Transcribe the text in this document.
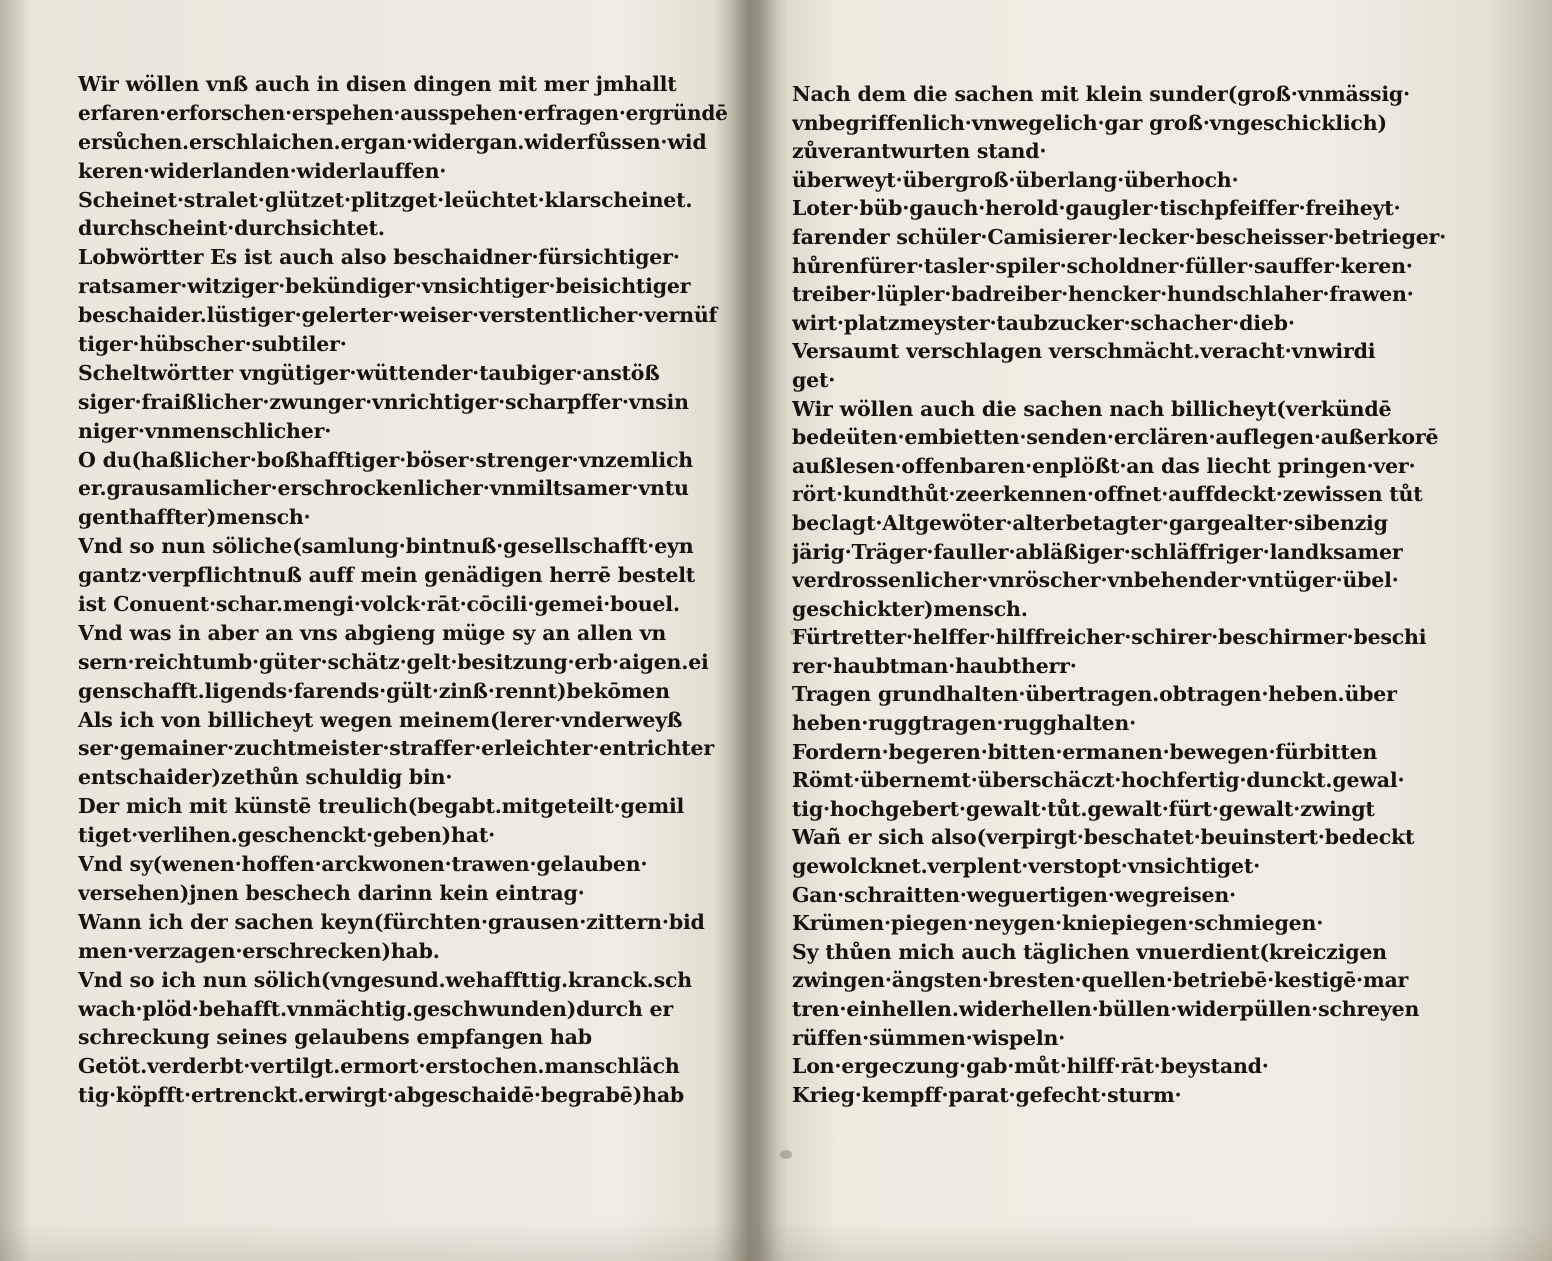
Wir wöllen vnß auch in disen dingen mit mer jmhallt
erfaren·erforschen·erspehen·ausspehen·erfragen·ergründē
ersůchen.erschlaichen.ergan·widergan.widerfůssen·wid
keren·widerlanden·widerlauffen·
Scheinet·stralet·glützet·plitzget·leüchtet·klarscheinet.
durchscheint·durchsichtet.
Lobwörtter Es ist auch also beschaidner·fürsichtiger·
ratsamer·witziger·bekündiger·vnsichtiger·beisichtiger
beschaider.lüstiger·gelerter·weiser·verstentlicher·vernüf
tiger·hübscher·subtiler·
Scheltwörtter vngütiger·wüttender·taubiger·anstöß
siger·fraißlicher·zwunger·vnrichtiger·scharpffer·vnsin
niger·vnmenschlicher·
O du(haßlicher·boßhafftiger·böser·strenger·vnzemlich
er.grausamlicher·erschrockenlicher·vnmiltsamer·vntu
genthaffter)mensch·
Vnd so nun söliche(samlung·bintnuß·gesellschafft·eyn
gantz·verpflichtnuß auff mein genädigen herrē bestelt
ist Conuent·schar.mengi·volck·rāt·cōcili·gemei·bouel.
Vnd was in aber an vns abgieng müge sy an allen vn
sern·reichtumb·güter·schätz·gelt·besitzung·erb·aigen.ei
genschafft.ligends·farends·gült·zinß·rennt)bekōmen
Als ich von billicheyt wegen meinem(lerer·vnderweyß
ser·gemainer·zuchtmeister·straffer·erleichter·entrichter
entschaider)zethůn schuldig bin·
Der mich mit künstē treulich(begabt.mitgeteilt·gemil
tiget·verlihen.geschenckt·geben)hat·
Vnd sy(wenen·hoffen·arckwonen·trawen·gelauben·
versehen)jnen beschech darinn kein eintrag·
Wann ich der sachen keyn(fürchten·grausen·zittern·bid
men·verzagen·erschrecken)hab.
Vnd so ich nun sölich(vngesund.wehaffttig.kranck.sch
wach·plöd·behafft.vnmächtig.geschwunden)durch er
schreckung seines gelaubens empfangen hab
Getöt.verderbt·vertilgt.ermort·erstochen.manschläch
tig·köpfft·ertrenckt.erwirgt·abgeschaidē·begrabē)hab
Nach dem die sachen mit klein sunder(groß·vnmässig·
vnbegriffenlich·vnwegelich·gar groß·vngeschicklich)
zůverantwurten stand·
überweyt·übergroß·überlang·überhoch·
Loter·büb·gauch·herold·gaugler·tischpfeiffer·freiheyt·
farender schüler·Camisierer·lecker·bescheisser·betrieger·
hůrenfürer·tasler·spiler·scholdner·füller·sauffer·keren·
treiber·lüpler·badreiber·hencker·hundschlaher·frawen·
wirt·platzmeyster·taubzucker·schacher·dieb·
Versaumt verschlagen verschmächt.veracht·vnwirdi
get·
Wir wöllen auch die sachen nach billicheyt(verkündē
bedeüten·embietten·senden·erclären·auflegen·außerkorē
außlesen·offenbaren·enplößt·an das liecht pringen·ver·
rört·kundthůt·zeerkennen·offnet·auffdeckt·zewissen tůt
beclagt·Altgewöter·alterbetagter·gargealter·sibenzig
järig·Träger·fauller·abläßiger·schläffriger·landksamer
verdrossenlicher·vnröscher·vnbehender·vntüger·übel·
geschickter)mensch.
Fürtretter·helffer·hilffreicher·schirer·beschirmer·beschi
rer·haubtman·haubtherr·
Tragen grundhalten·übertragen.obtragen·heben.über
heben·ruggtragen·rugghalten·
Fordern·begeren·bitten·ermanen·bewegen·fürbitten
Römt·übernemt·überschäczt·hochfertig·dunckt.gewal·
tig·hochgebert·gewalt·tůt.gewalt·fürt·gewalt·zwingt
Wañ er sich also(verpirgt·beschatet·beuinstert·bedeckt
gewolcknet.verplent·verstopt·vnsichtiget·
Gan·schraitten·weguertigen·wegreisen·
Krümen·piegen·neygen·kniepiegen·schmiegen·
Sy thůen mich auch täglichen vnuerdient(kreiczigen
zwingen·ängsten·bresten·quellen·betriebē·kestigē·mar
tren·einhellen.widerhellen·büllen·widerpüllen·schreyen
rüffen·sümmen·wispeln·
Lon·ergeczung·gab·můt·hilff·rāt·beystand·
Krieg·kempff·parat·gefecht·sturm·
